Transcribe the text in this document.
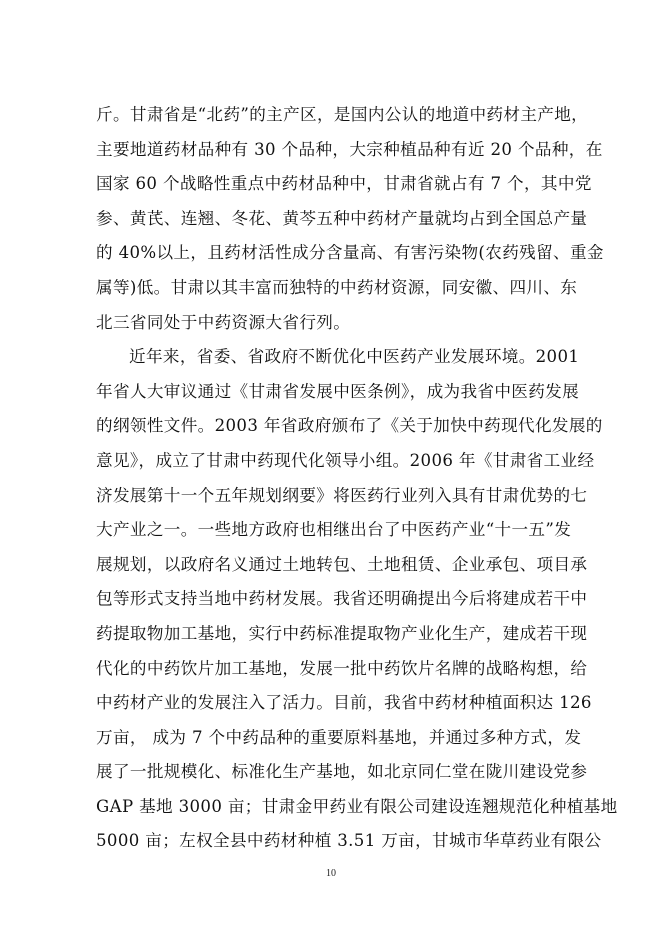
斤。甘肃省是“北药”的主产区，是国内公认的地道中药材主产地，
主要地道药材品种有 30 个品种，大宗种植品种有近 20 个品种，在
国家 60 个战略性重点中药材品种中，甘肃省就占有 7 个，其中党
参、黄芪、连翘、冬花、黄芩五种中药材产量就均占到全国总产量
的 40%以上，且药材活性成分含量高、有害污染物(农药残留、重金
属等)低。甘肃以其丰富而独特的中药材资源，同安徽、四川、东
北三省同处于中药资源大省行列。
近年来，省委、省政府不断优化中医药产业发展环境。2001
年省人大审议通过《甘肃省发展中医条例》，成为我省中医药发展
的纲领性文件。2003 年省政府颁布了《关于加快中药现代化发展的
意见》，成立了甘肃中药现代化领导小组。2006 年《甘肃省工业经
济发展第十一个五年规划纲要》将医药行业列入具有甘肃优势的七
大产业之一。一些地方政府也相继出台了中医药产业“十一五”发
展规划，以政府名义通过土地转包、土地租赁、企业承包、项目承
包等形式支持当地中药材发展。我省还明确提出今后将建成若干中
药提取物加工基地，实行中药标准提取物产业化生产，建成若干现
代化的中药饮片加工基地，发展一批中药饮片名牌的战略构想，给
中药材产业的发展注入了活力。目前，我省中药材种植面积达 126
万亩， 成为 7 个中药品种的重要原料基地，并通过多种方式，发
展了一批规模化、标准化生产基地，如北京同仁堂在陇川建设党参
GAP 基地 3000 亩；甘肃金甲药业有限公司建设连翘规范化种植基地
5000 亩；左权全县中药材种植 3.51 万亩，甘城市华草药业有限公
10
